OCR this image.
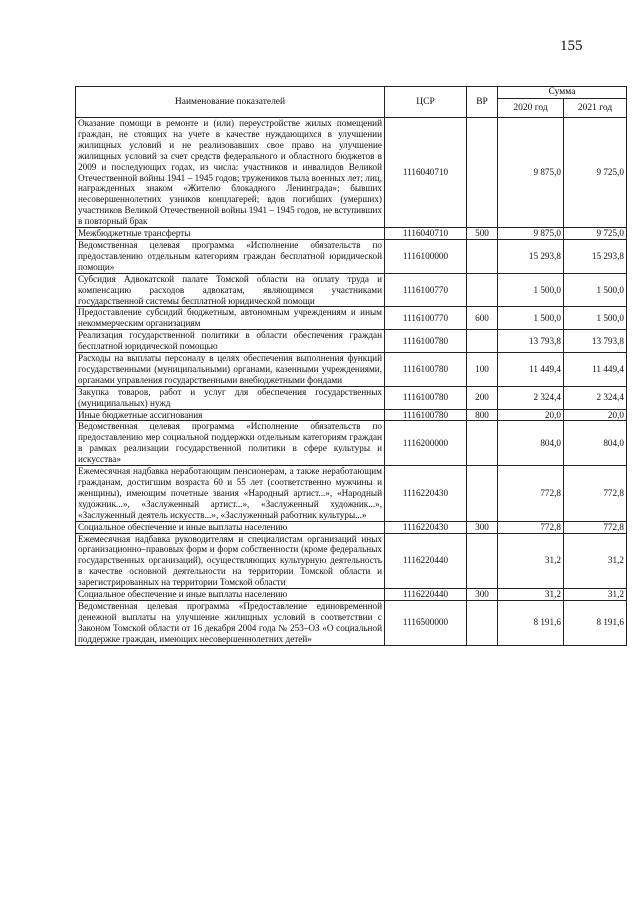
155
Наименование показателей	ЦСР	ВР	Сумма	
			2020 год	2021 год
Оказание помощи в ремонте и (или) переустройстве жилых помещений граждан, не стоящих на учете в качестве нуждающихся в улучшении жилищных условий и не реализовавших свое право на улучшение жилищных условий за счет средств федерального и областного бюджетов в 2009 и последующих годах, из числа: участников и инвалидов Великой Отечественной войны 1941 – 1945 годов; тружеников тыла военных лет; лиц, награжденных знаком «Жителю блокадного Ленинграда»; бывших несовершеннолетних узников концлагерей; вдов погибших (умерших) участников Великой Отечественной войны 1941 – 1945 годов, не вступивших в повторный брак	1116040710		9 875,0	9 725,0
Межбюджетные трансферты	1116040710	500	9 875,0	9 725,0
Ведомственная целевая программа «Исполнение обязательств по предоставлению отдельным категориям граждан бесплатной юридической помощи»	1116100000		15 293,8	15 293,8
Субсидия Адвокатской палате Томской области на оплату труда и компенсацию расходов адвокатам, являющимся участниками государственной системы бесплатной юридической помощи	1116100770		1 500,0	1 500,0
Предоставление субсидий бюджетным, автономным учреждениям и иным некоммерческим организациям	1116100770	600	1 500,0	1 500,0
Реализация государственной политики в области обеспечения граждан бесплатной юридической помощью	1116100780		13 793,8	13 793,8
Расходы на выплаты персоналу в целях обеспечения выполнения функций государственными (муниципальными) органами, казенными учреждениями, органами управления государственными внебюджетными фондами	1116100780	100	11 449,4	11 449,4
Закупка товаров, работ и услуг для обеспечения государственных (муниципальных) нужд	1116100780	200	2 324,4	2 324,4
Иные бюджетные ассигнования	1116100780	800	20,0	20,0
Ведомственная целевая программа «Исполнение обязательств по предоставлению мер социальной поддержки отдельным категориям граждан в рамках реализации государственной политики в сфере культуры и искусства»	1116200000		804,0	804,0
Ежемесячная надбавка неработающим пенсионерам, а также неработающим гражданам, достигшим возраста 60 и 55 лет (соответственно мужчины и женщины), имеющим почетные звания «Народный артист...», «Народный художник...», «Заслуженный артист...», «Заслуженный художник...», «Заслуженный деятель искусств...», «Заслуженный работник культуры...»	1116220430		772,8	772,8
Социальное обеспечение и иные выплаты населению	1116220430	300	772,8	772,8
Ежемесячная надбавка руководителям и специалистам организаций иных организационно–правовых форм и форм собственности (кроме федеральных государственных организаций), осуществляющих культурную деятельность в качестве основной деятельности на территории Томской области и зарегистрированных на территории Томской области	1116220440		31,2	31,2
Социальное обеспечение и иные выплаты населению	1116220440	300	31,2	31,2
Ведомственная целевая программа «Предоставление единовременной денежной выплаты на улучшение жилищных условий в соответствии с Законом Томской области от 16 декабря 2004 года № 253–ОЗ «О социальной поддержке граждан, имеющих несовершеннолетних детей»	1116500000		8 191,6	8 191,6
